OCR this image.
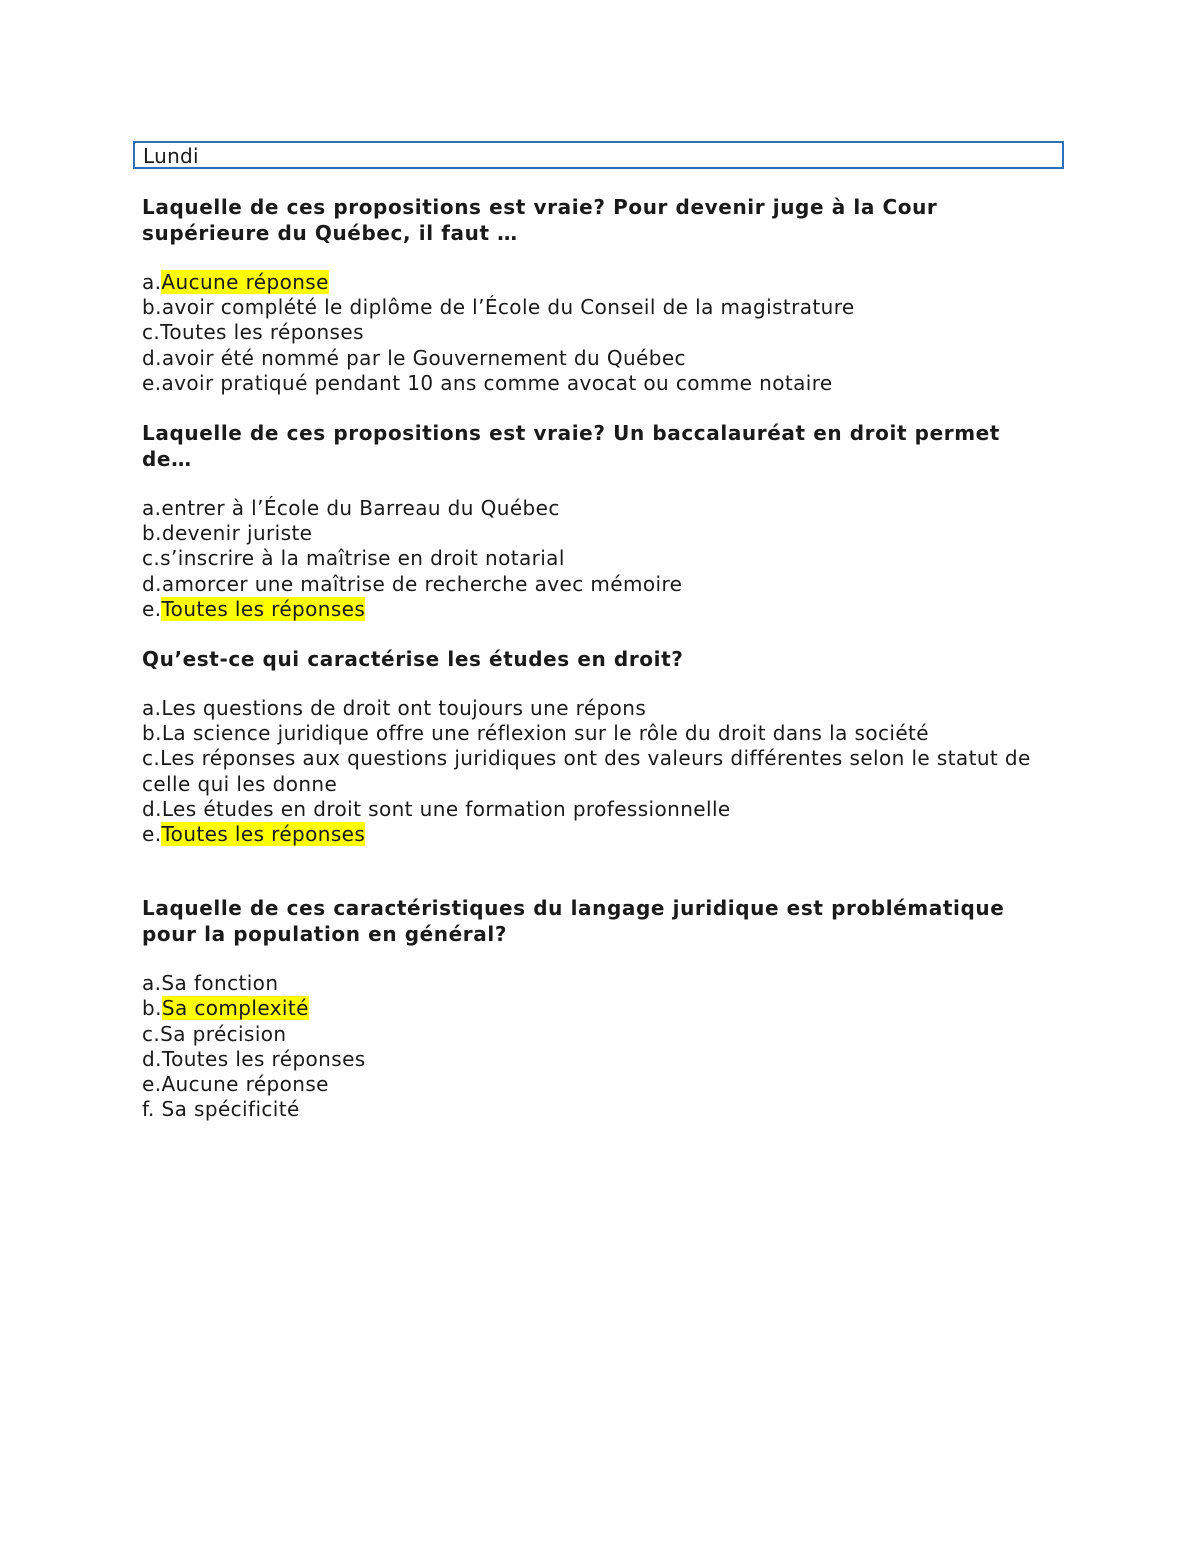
Lundi

Laquelle de ces propositions est vraie? Pour devenir juge à la Cour supérieure du Québec, il faut …

a.Aucune réponse
b.avoir complété le diplôme de l’École du Conseil de la magistrature
c.Toutes les réponses
d.avoir été nommé par le Gouvernement du Québec
e.avoir pratiqué pendant 10 ans comme avocat ou comme notaire

Laquelle de ces propositions est vraie? Un baccalauréat en droit permet de…

a.entrer à l’École du Barreau du Québec
b.devenir juriste
c.s’inscrire à la maîtrise en droit notarial
d.amorcer une maîtrise de recherche avec mémoire
e.Toutes les réponses

Qu’est-ce qui caractérise les études en droit?

a.Les questions de droit ont toujours une répons
b.La science juridique offre une réflexion sur le rôle du droit dans la société
c.Les réponses aux questions juridiques ont des valeurs différentes selon le statut de celle qui les donne
d.Les études en droit sont une formation professionnelle
e.Toutes les réponses

Laquelle de ces caractéristiques du langage juridique est problématique pour la population en général?

a.Sa fonction
b.Sa complexité
c.Sa précision
d.Toutes les réponses
e.Aucune réponse
f. Sa spécificité
